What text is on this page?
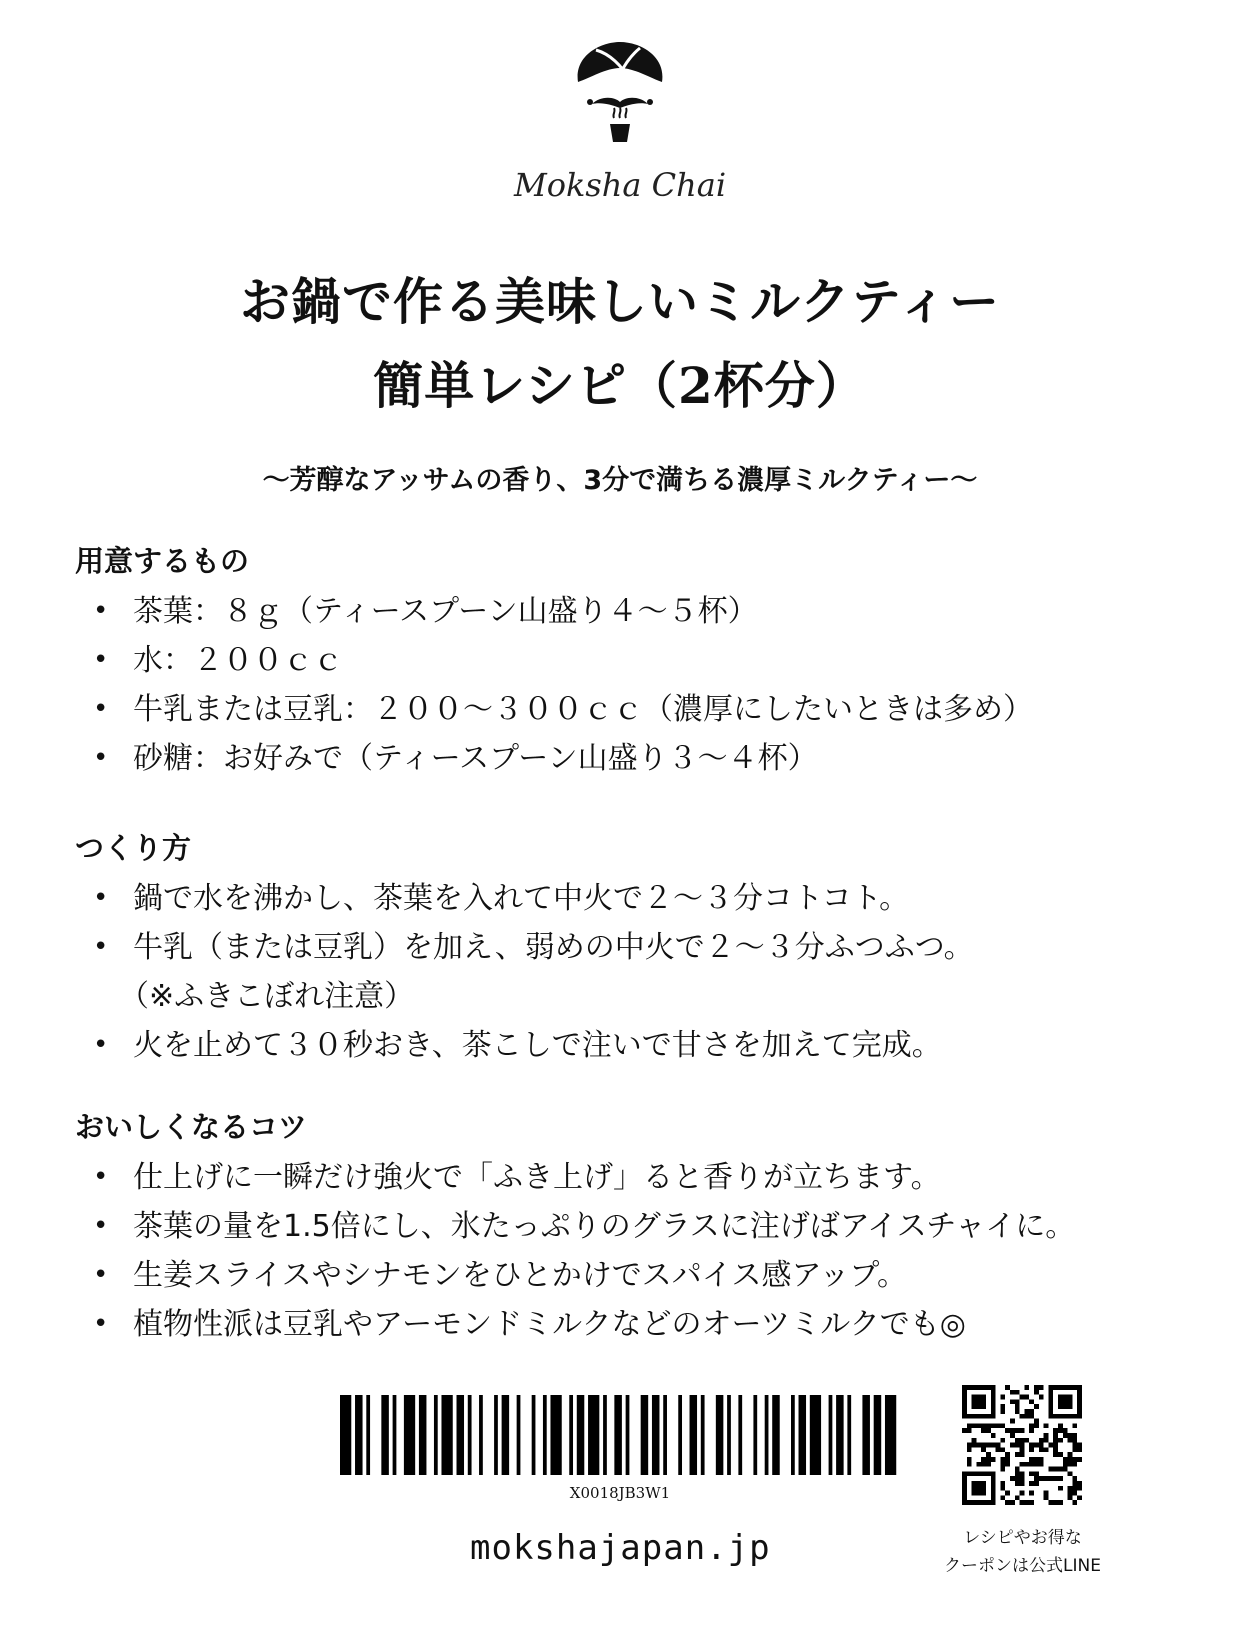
Moksha Chai
お鍋で作る美味しいミルクティー
簡単レシピ（2杯分）
〜芳醇なアッサムの香り、3分で満ちる濃厚ミルクティー〜
用意するもの
• 茶葉：８ｇ（ティースプーン山盛り４〜５杯）
• 水：２００ｃｃ
• 牛乳または豆乳：２００〜３００ｃｃ（濃厚にしたいときは多め）
• 砂糖：お好みで（ティースプーン山盛り３〜４杯）
つくり方
• 鍋で水を沸かし、茶葉を入れて中火で２〜３分コトコト。
• 牛乳（または豆乳）を加え、弱めの中火で２〜３分ふつふつ。
（※ふきこぼれ注意）
• 火を止めて３０秒おき、茶こしで注いで甘さを加えて完成。
おいしくなるコツ
• 仕上げに一瞬だけ強火で「ふき上げ」ると香りが立ちます。
• 茶葉の量を1.5倍にし、氷たっぷりのグラスに注げばアイスチャイに。
• 生姜スライスやシナモンをひとかけでスパイス感アップ。
• 植物性派は豆乳やアーモンドミルクなどのオーツミルクでも◎
X0018JB3W1
mokshajapan.jp	レシピやお得な
クーポンは公式LINE
